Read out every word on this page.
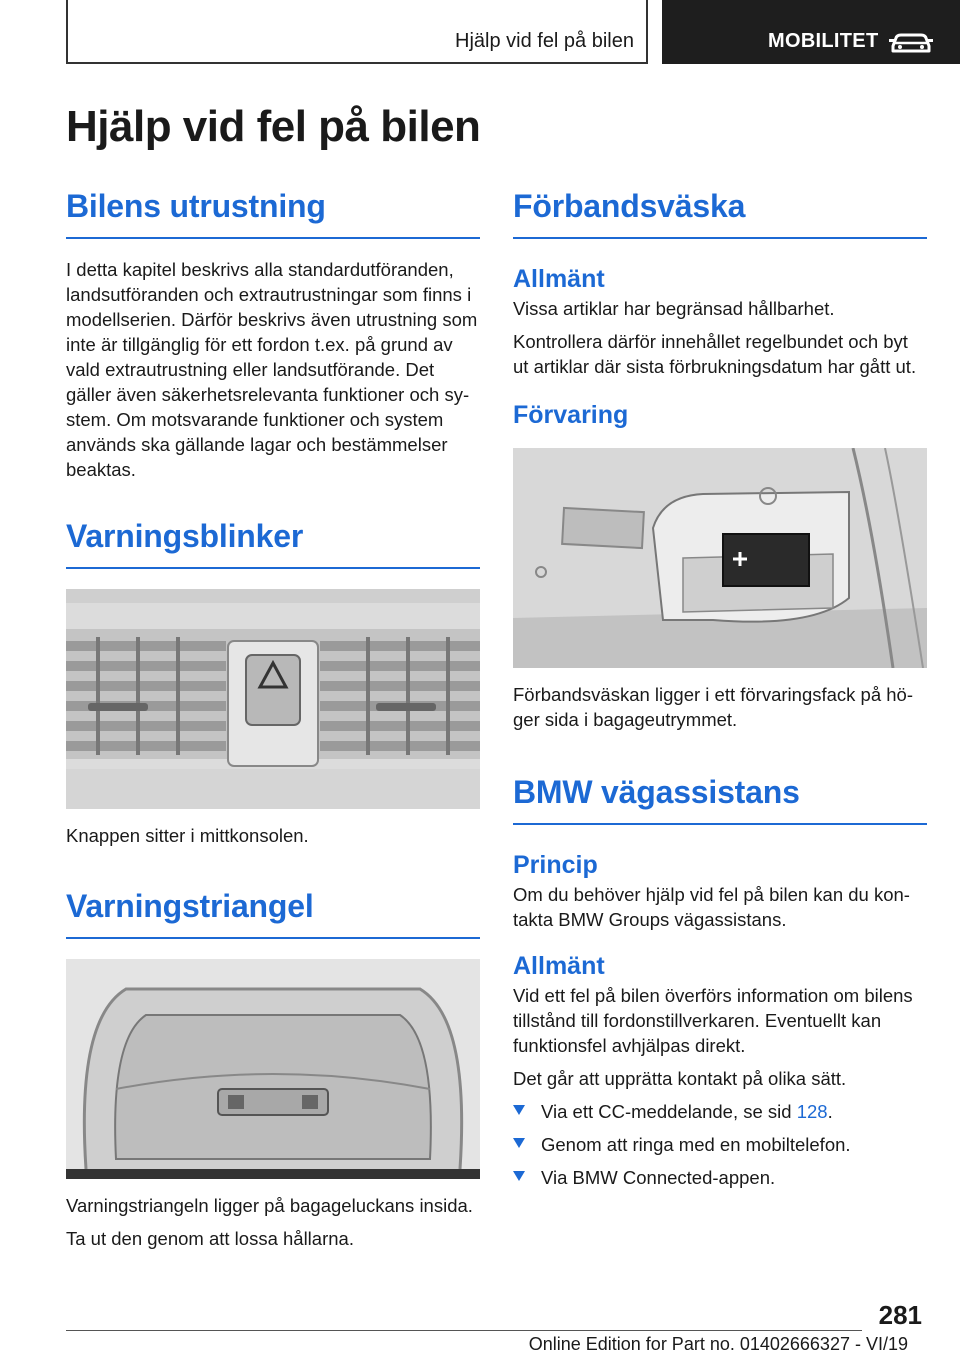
Hjälp vid fel på bilen	MOBILITET
Hjälp vid fel på bilen
Bilens utrustning

I detta kapitel beskrivs alla standardutföranden, landsutföranden och extrautrustningar som finns i modellserien. Därför beskrivs även utrustning som inte är tillgänglig för ett fordon t.ex. på grund av vald extrautrustning eller landsutförande. Det gäller även säkerhetsrelevanta funktioner och sy‐stem. Om motsvarande funktioner och system används ska gällande lagar och bestämmelser beaktas.

Varningsblinker

Knappen sitter i mittkonsolen.

Varningstriangel

Varningstriangeln ligger på bagageluckans insida.

Ta ut den genom att lossa hållarna.

Förbandsväska
Allmänt

Vissa artiklar har begränsad hållbarhet.

Kontrollera därför innehållet regelbundet och byt ut artiklar där sista förbrukningsdatum har gått ut.

Förvaring

Förbandsväskan ligger i ett förvaringsfack på hö‐ger sida i bagageutrymmet.

BMW vägassistans
Princip

Om du behöver hjälp vid fel på bilen kan du kon‐takta BMW Groups vägassistans.

Allmänt

Vid ett fel på bilen överförs information om bilens tillstånd till fordonstillverkaren. Eventuellt kan funktionsfel avhjälpas direkt.

Det går att upprätta kontakt på olika sätt.

Via ett CC-meddelande, se sid 128.
Genom att ringa med en mobiltelefon.
Via BMW Connected-appen.
281
Online Edition for Part no. 01402666327 - VI/19
